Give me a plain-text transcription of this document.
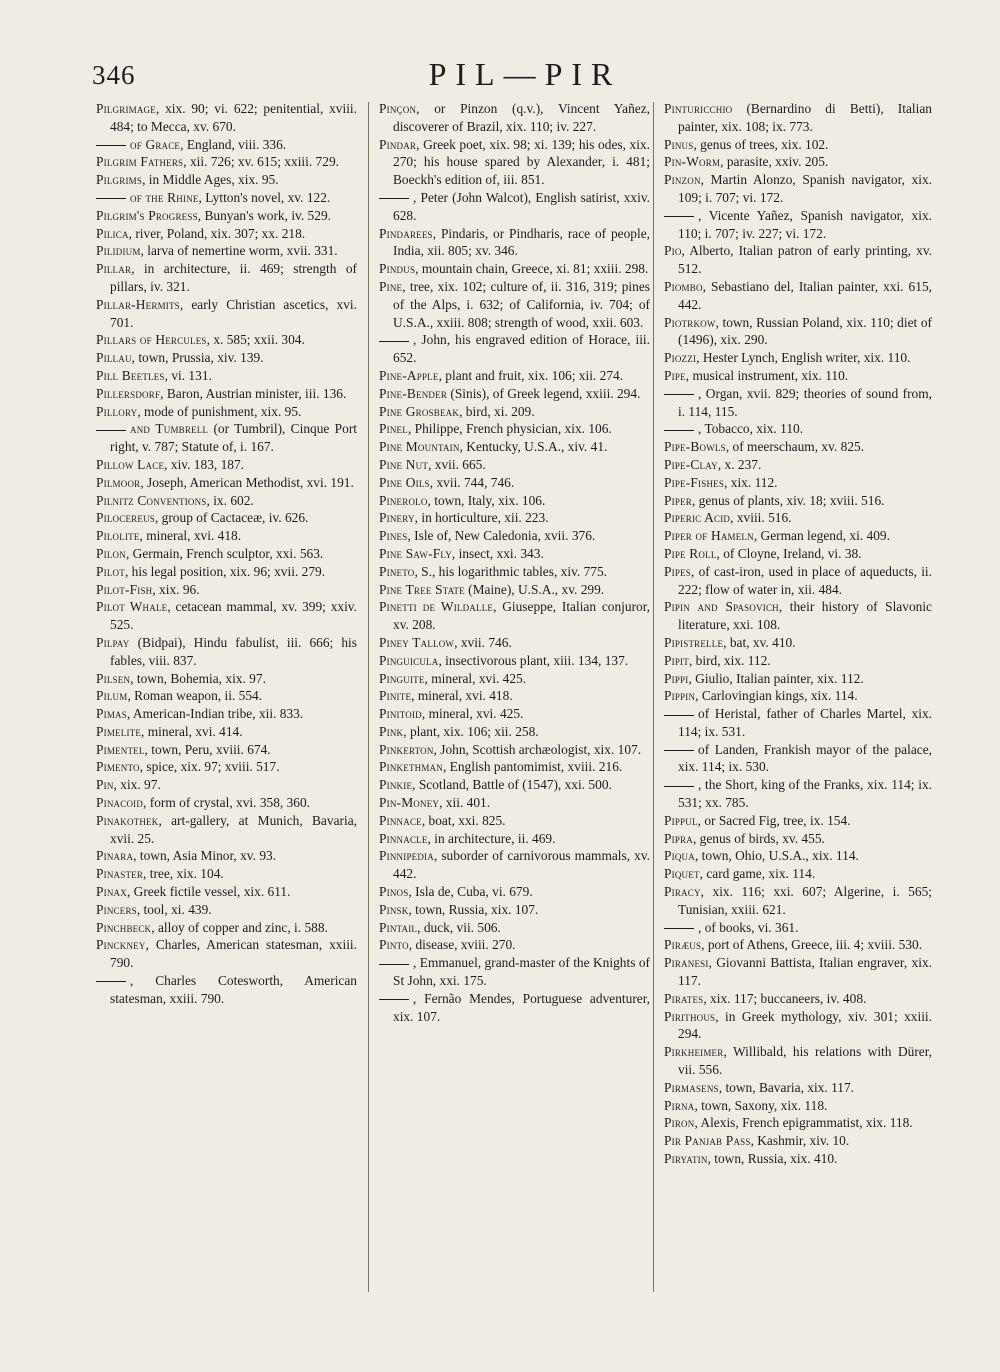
346	PIL—PIR

Pilgrimage, xix. 90; vi. 622; penitential, xviii. 484; to Mecca, xv. 670.

of Grace, England, viii. 336.

Pilgrim Fathers, xii. 726; xv. 615; xxiii. 729.

Pilgrims, in Middle Ages, xix. 95.

of the Rhine, Lytton's novel, xv. 122.

Pilgrim's Progress, Bunyan's work, iv. 529.

Pilica, river, Poland, xix. 307; xx. 218.

Pilidium, larva of nemertine worm, xvii. 331.

Pillar, in architecture, ii. 469; strength of pillars, iv. 321.

Pillar-Hermits, early Christian ascetics, xvi. 701.

Pillars of Hercules, x. 585; xxii. 304.

Pillau, town, Prussia, xiv. 139.

Pill Beetles, vi. 131.

Pillersdorf, Baron, Austrian minister, iii. 136.

Pillory, mode of punishment, xix. 95.

and Tumbrell (or Tumbril), Cinque Port right, v. 787; Statute of, i. 167.

Pillow Lace, xiv. 183, 187.

Pilmoor, Joseph, American Methodist, xvi. 191.

Pilnitz Conventions, ix. 602.

Pilocereus, group of Cactaceæ, iv. 626.

Pilolite, mineral, xvi. 418.

Pilon, Germain, French sculptor, xxi. 563.

Pilot, his legal position, xix. 96; xvii. 279.

Pilot-Fish, xix. 96.

Pilot Whale, cetacean mammal, xv. 399; xxiv. 525.

Pilpay (Bidpai), Hindu fabulist, iii. 666; his fables, viii. 837.

Pilsen, town, Bohemia, xix. 97.

Pilum, Roman weapon, ii. 554.

Pimas, American-Indian tribe, xii. 833.

Pimelite, mineral, xvi. 414.

Pimentel, town, Peru, xviii. 674.

Pimento, spice, xix. 97; xviii. 517.

Pin, xix. 97.

Pinacoid, form of crystal, xvi. 358, 360.

Pinakothek, art-gallery, at Munich, Bavaria, xvii. 25.

Pinara, town, Asia Minor, xv. 93.

Pinaster, tree, xix. 104.

Pinax, Greek fictile vessel, xix. 611.

Pincers, tool, xi. 439.

Pinchbeck, alloy of copper and zinc, i. 588.

Pinckney, Charles, American statesman, xxiii. 790.

, Charles Cotesworth, American statesman, xxiii. 790.

Pinçon, or Pinzon (q.v.), Vincent Yañez, discoverer of Brazil, xix. 110; iv. 227.

Pindar, Greek poet, xix. 98; xi. 139; his odes, xix. 270; his house spared by Alexander, i. 481; Boeckh's edition of, iii. 851.

, Peter (John Walcot), English satirist, xxiv. 628.

Pindarees, Pindaris, or Pindharis, race of people, India, xii. 805; xv. 346.

Pindus, mountain chain, Greece, xi. 81; xxiii. 298.

Pine, tree, xix. 102; culture of, ii. 316, 319; pines of the Alps, i. 632; of California, iv. 704; of U.S.A., xxiii. 808; strength of wood, xxii. 603.

, John, his engraved edition of Horace, iii. 652.

Pine-Apple, plant and fruit, xix. 106; xii. 274.

Pine-Bender (Sinis), of Greek legend, xxiii. 294.

Pine Grosbeak, bird, xi. 209.

Pinel, Philippe, French physician, xix. 106.

Pine Mountain, Kentucky, U.S.A., xiv. 41.

Pine Nut, xvii. 665.

Pine Oils, xvii. 744, 746.

Pinerolo, town, Italy, xix. 106.

Pinery, in horticulture, xii. 223.

Pines, Isle of, New Caledonia, xvii. 376.

Pine Saw-Fly, insect, xxi. 343.

Pineto, S., his logarithmic tables, xiv. 775.

Pine Tree State (Maine), U.S.A., xv. 299.

Pinetti de Wildalle, Giuseppe, Italian conjuror, xv. 208.

Piney Tallow, xvii. 746.

Pinguicula, insectivorous plant, xiii. 134, 137.

Pinguite, mineral, xvi. 425.

Pinite, mineral, xvi. 418.

Pinitoid, mineral, xvi. 425.

Pink, plant, xix. 106; xii. 258.

Pinkerton, John, Scottish archæologist, xix. 107.

Pinkethman, English pantomimist, xviii. 216.

Pinkie, Scotland, Battle of (1547), xxi. 500.

Pin-Money, xii. 401.

Pinnace, boat, xxi. 825.

Pinnacle, in architecture, ii. 469.

Pinnipedia, suborder of carnivorous mammals, xv. 442.

Pinos, Isla de, Cuba, vi. 679.

Pinsk, town, Russia, xix. 107.

Pintail, duck, vii. 506.

Pinto, disease, xviii. 270.

, Emmanuel, grand-master of the Knights of St John, xxi. 175.

, Fernão Mendes, Portuguese adventurer, xix. 107.

Pinturicchio (Bernardino di Betti), Italian painter, xix. 108; ix. 773.

Pinus, genus of trees, xix. 102.

Pin-Worm, parasite, xxiv. 205.

Pinzon, Martin Alonzo, Spanish navigator, xix. 109; i. 707; vi. 172.

, Vicente Yañez, Spanish navigator, xix. 110; i. 707; iv. 227; vi. 172.

Pio, Alberto, Italian patron of early printing, xv. 512.

Piombo, Sebastiano del, Italian painter, xxi. 615, 442.

Piotrkow, town, Russian Poland, xix. 110; diet of (1496), xix. 290.

Piozzi, Hester Lynch, English writer, xix. 110.

Pipe, musical instrument, xix. 110.

, Organ, xvii. 829; theories of sound from, i. 114, 115.

, Tobacco, xix. 110.

Pipe-Bowls, of meerschaum, xv. 825.

Pipe-Clay, x. 237.

Pipe-Fishes, xix. 112.

Piper, genus of plants, xiv. 18; xviii. 516.

Piperic Acid, xviii. 516.

Piper of Hameln, German legend, xi. 409.

Pipe Roll, of Cloyne, Ireland, vi. 38.

Pipes, of cast-iron, used in place of aqueducts, ii. 222; flow of water in, xii. 484.

Pipin and Spasovich, their history of Slavonic literature, xxi. 108.

Pipistrelle, bat, xv. 410.

Pipit, bird, xix. 112.

Pippi, Giulio, Italian painter, xix. 112.

Pippin, Carlovingian kings, xix. 114.

of Heristal, father of Charles Martel, xix. 114; ix. 531.

of Landen, Frankish mayor of the palace, xix. 114; ix. 530.

, the Short, king of the Franks, xix. 114; ix. 531; xx. 785.

Pippul, or Sacred Fig, tree, ix. 154.

Pipra, genus of birds, xv. 455.

Piqua, town, Ohio, U.S.A., xix. 114.

Piquet, card game, xix. 114.

Piracy, xix. 116; xxi. 607; Algerine, i. 565; Tunisian, xxiii. 621.

, of books, vi. 361.

Piræus, port of Athens, Greece, iii. 4; xviii. 530.

Piranesi, Giovanni Battista, Italian engraver, xix. 117.

Pirates, xix. 117; buccaneers, iv. 408.

Pirithous, in Greek mythology, xiv. 301; xxiii. 294.

Pirkheimer, Willibald, his relations with Dürer, vii. 556.

Pirmasens, town, Bavaria, xix. 117.

Pirna, town, Saxony, xix. 118.

Piron, Alexis, French epigrammatist, xix. 118.

Pir Panjab Pass, Kashmir, xiv. 10.

Piryatin, town, Russia, xix. 410.
